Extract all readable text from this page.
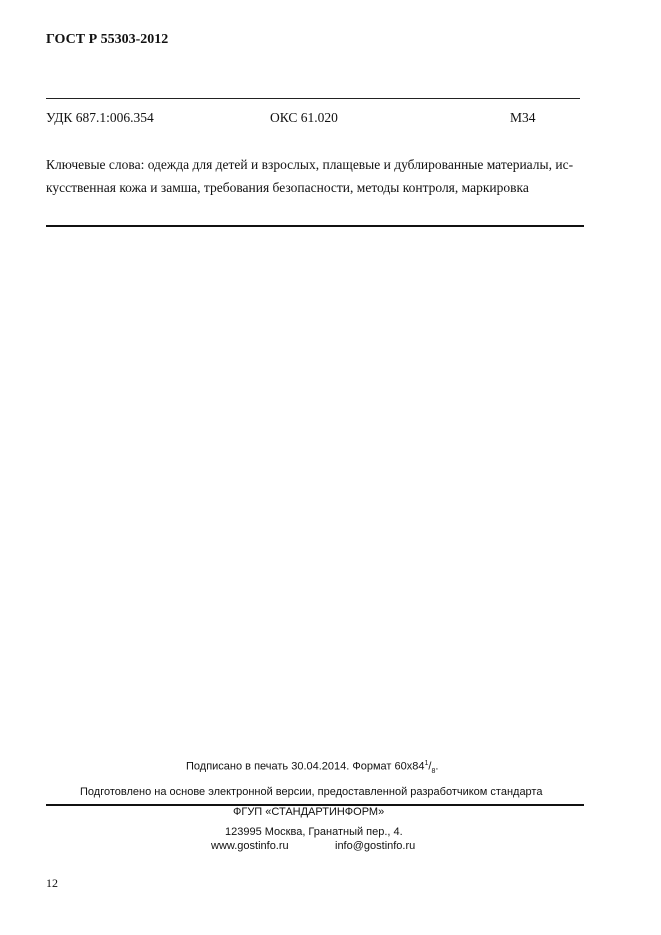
ГОСТ Р 55303-2012
УДК 687.1:006.354	ОКС 61.020	М34
Ключевые слова: одежда для детей и взрослых, плащевые и дублированные материалы, ис-
кусственная кожа и замша, требования безопасности, методы контроля, маркировка
Подписано в печать 30.04.2014. Формат $60x84^1/_8$.
Подготовлено на основе электронной версии, предоставленной разработчиком стандарта
ФГУП «СТАНДАРТИНФОРМ»
123995 Москва, Гранатный пер., 4.
www.gostinfo.ru	info@gostinfo.ru
12
